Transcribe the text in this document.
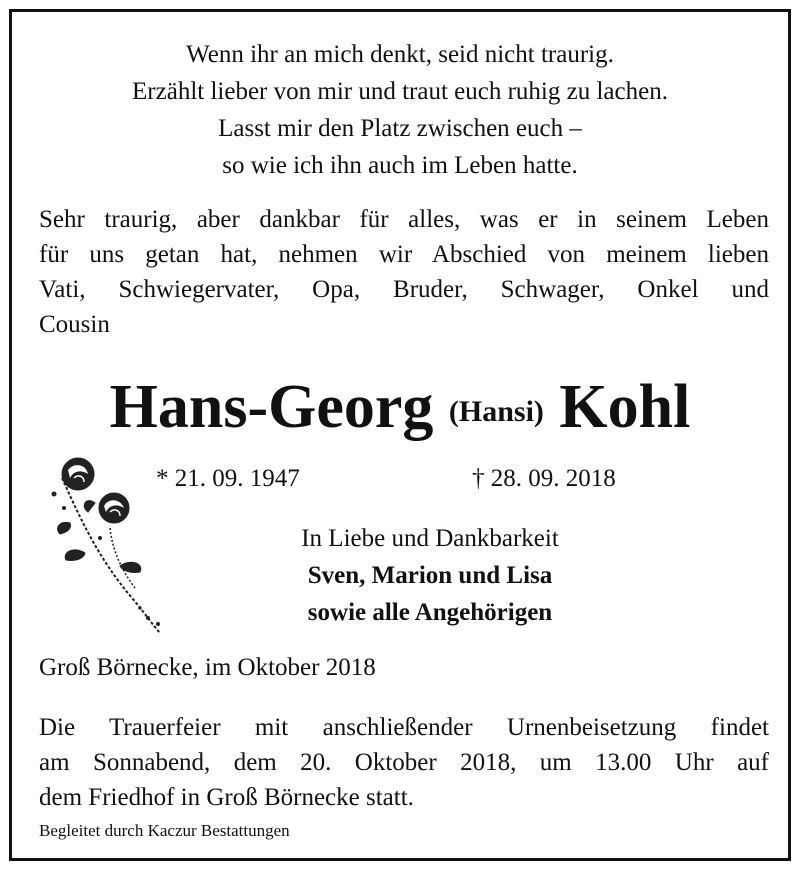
Wenn ihr an mich denkt, seid nicht traurig.
Erzählt lieber von mir und traut euch ruhig zu lachen.
Lasst mir den Platz zwischen euch –
so wie ich ihn auch im Leben hatte.
Sehr traurig, aber dankbar für alles, was er in seinem Leben
für uns getan hat, nehmen wir Abschied von meinem lieben
Vati, Schwiegervater, Opa, Bruder, Schwager, Onkel und
Cousin
Hans-Georg (Hansi) Kohl
* 21. 09. 1947	† 28. 09. 2018
In Liebe und Dankbarkeit
Sven, Marion und Lisa
sowie alle Angehörigen
Groß Börnecke, im Oktober 2018
Die Trauerfeier mit anschließender Urnenbeisetzung findet
am Sonnabend, dem 20. Oktober 2018, um 13.00 Uhr auf
dem Friedhof in Groß Börnecke statt.
Begleitet durch Kaczur Bestattungen
